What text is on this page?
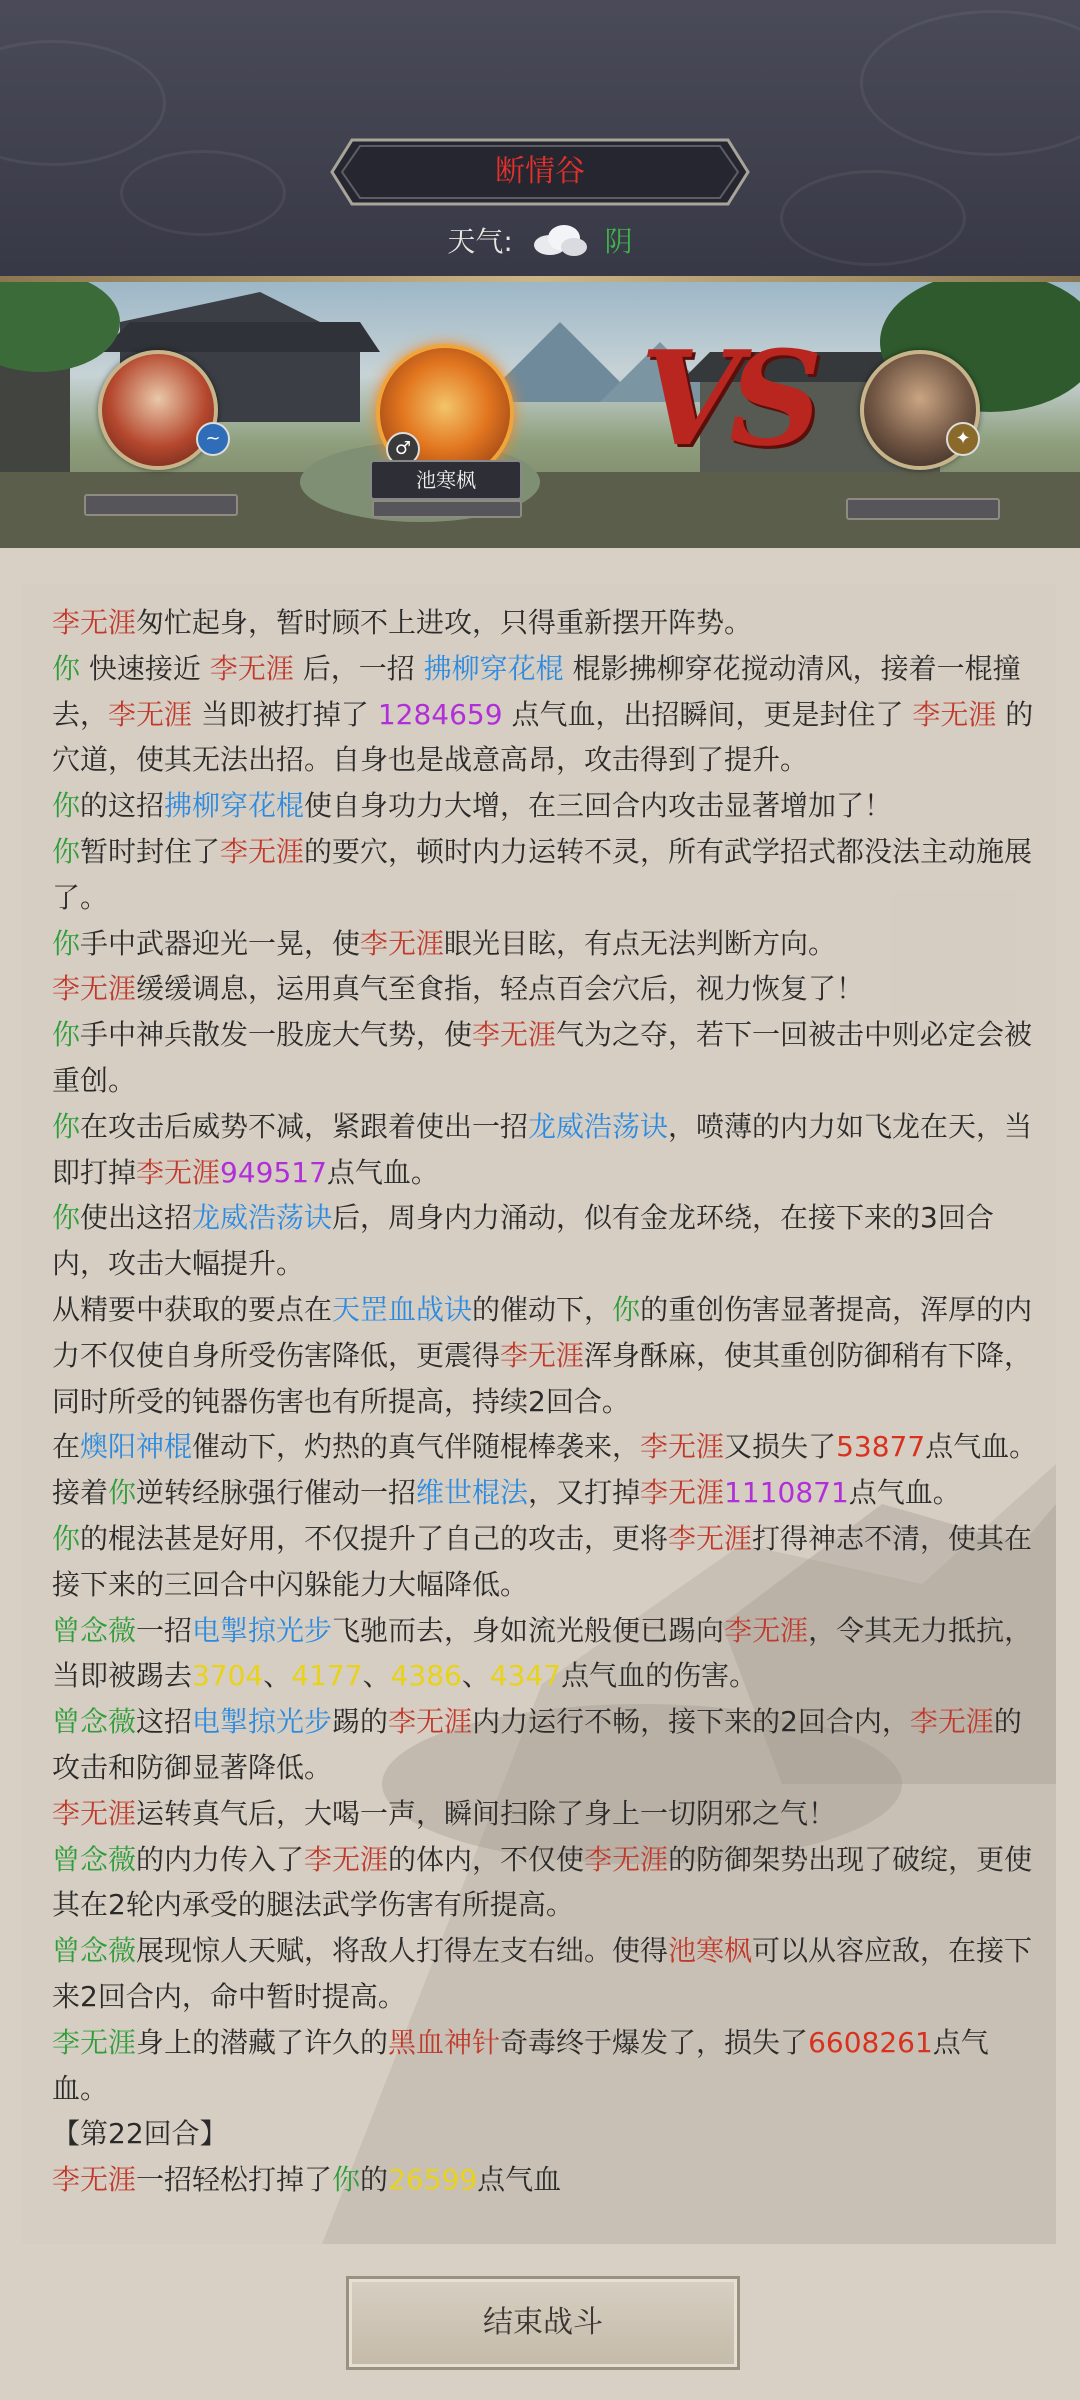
断情谷
天气:	阴
~	♂
池寒枫
VS	✦

李无涯匆忙起身，暂时顾不上进攻，只得重新摆开阵势。

你 快速接近 李无涯 后，一招 拂柳穿花棍 棍影拂柳穿花搅动清风，接着一棍撞去，李无涯 当即被打掉了 1284659 点气血，出招瞬间，更是封住了 李无涯 的穴道，使其无法出招。自身也是战意高昂，攻击得到了提升。

你的这招拂柳穿花棍使自身功力大增，在三回合内攻击显著增加了！

你暂时封住了李无涯的要穴，顿时内力运转不灵，所有武学招式都没法主动施展了。

你手中武器迎光一晃，使李无涯眼光目眩，有点无法判断方向。

李无涯缓缓调息，运用真气至食指，轻点百会穴后，视力恢复了！

你手中神兵散发一股庞大气势，使李无涯气为之夺，若下一回被击中则必定会被重创。

你在攻击后威势不减，紧跟着使出一招龙威浩荡诀，喷薄的内力如飞龙在天，当即打掉李无涯949517点气血。

你使出这招龙威浩荡诀后，周身内力涌动，似有金龙环绕，在接下来的3回合内，攻击大幅提升。

从精要中获取的要点在天罡血战诀的催动下，你的重创伤害显著提高，浑厚的内力不仅使自身所受伤害降低，更震得李无涯浑身酥麻，使其重创防御稍有下降，同时所受的钝器伤害也有所提高，持续2回合。

在燠阳神棍催动下，灼热的真气伴随棍棒袭来，李无涯又损失了53877点气血。

接着你逆转经脉强行催动一招维世棍法，又打掉李无涯1110871点气血。

你的棍法甚是好用，不仅提升了自己的攻击，更将李无涯打得神志不清，使其在接下来的三回合中闪躲能力大幅降低。

曾念薇一招电掣掠光步飞驰而去，身如流光般便已踢向李无涯，令其无力抵抗，当即被踢去3704、4177、4386、4347点气血的伤害。

曾念薇这招电掣掠光步踢的李无涯内力运行不畅，接下来的2回合内，李无涯的攻击和防御显著降低。

李无涯运转真气后，大喝一声，瞬间扫除了身上一切阴邪之气！

曾念薇的内力传入了李无涯的体内，不仅使李无涯的防御架势出现了破绽，更使其在2轮内承受的腿法武学伤害有所提高。

曾念薇展现惊人天赋，将敌人打得左支右绌。使得池寒枫可以从容应敌，在接下来2回合内，命中暂时提高。

李无涯身上的潜藏了许久的黑血神针奇毒终于爆发了，损失了6608261点气血。

【第22回合】

李无涯一招轻松打掉了你的26599点气血

结束战斗
